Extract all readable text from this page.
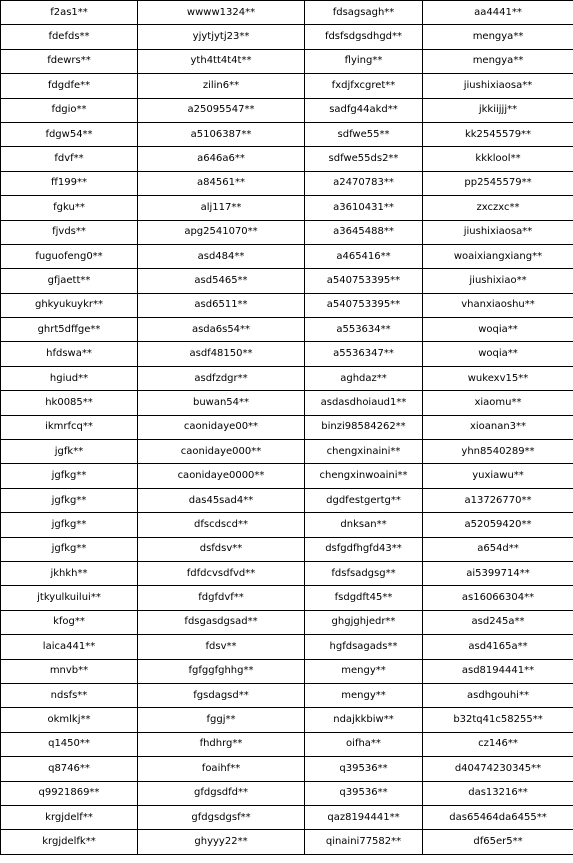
f2as1**	wwww1324**	fdsagsagh**	aa4441**
fdefds**	yjytjytj23**	fdsfsdgsdhgd**	mengya**
fdewrs**	yth4tt4t4t**	flying**	mengya**
fdgdfe**	zilin6**	fxdjfxcgret**	jiushixiaosa**
fdgio**	a25095547**	sadfg44akd**	jkkiijjj**
fdgw54**	a5106387**	sdfwe55**	kk2545579**
fdvf**	a646a6**	sdfwe55ds2**	kkklool**
ff199**	a84561**	a2470783**	pp2545579**
fgku**	alj117**	a3610431**	zxczxc**
fjvds**	apg2541070**	a3645488**	jiushixiaosa**
fuguofeng0**	asd484**	a465416**	woaixiangxiang**
gfjaett**	asd5465**	a540753395**	jiushixiao**
ghkyukuykr**	asd6511**	a540753395**	vhanxiaoshu**
ghrt5dffge**	asda6s54**	a553634**	woqia**
hfdswa**	asdf48150**	a5536347**	woqia**
hgiud**	asdfzdgr**	aghdaz**	wukexv15**
hk0085**	buwan54**	asdasdhoiaud1**	xiaomu**
ikmrfcq**	caonidaye00**	binzi98584262**	xioanan3**
jgfk**	caonidaye000**	chengxinaini**	yhn8540289**
jgfkg**	caonidaye0000**	chengxinwoaini**	yuxiawu**
jgfkg**	das45sad4**	dgdfestgertg**	a13726770**
jgfkg**	dfscdscd**	dnksan**	a52059420**
jgfkg**	dsfdsv**	dsfgdfhgfd43**	a654d**
jkhkh**	fdfdcvsdfvd**	fdsfsadgsg**	ai5399714**
jtkyulkuilui**	fdgfdvf**	fsdgdft45**	as16066304**
kfog**	fdsgasdgsad**	ghgjghjedr**	asd245a**
laica441**	fdsv**	hgfdsagads**	asd4165a**
mnvb**	fgfggfghhg**	mengy**	asd8194441**
ndsfs**	fgsdagsd**	mengy**	asdhgouhi**
okmlkj**	fggj**	ndajkkbiw**	b32tq41c58255**
q1450**	fhdhrg**	oifha**	cz146**
q8746**	foaihf**	q39536**	d40474230345**
q9921869**	gfdgsdfd**	q39536**	das13216**
krgjdelf**	gfdgsdgsf**	qaz8194441**	das65464da6455**
krgjdelfk**	ghyyy22**	qinaini77582**	df65er5**
